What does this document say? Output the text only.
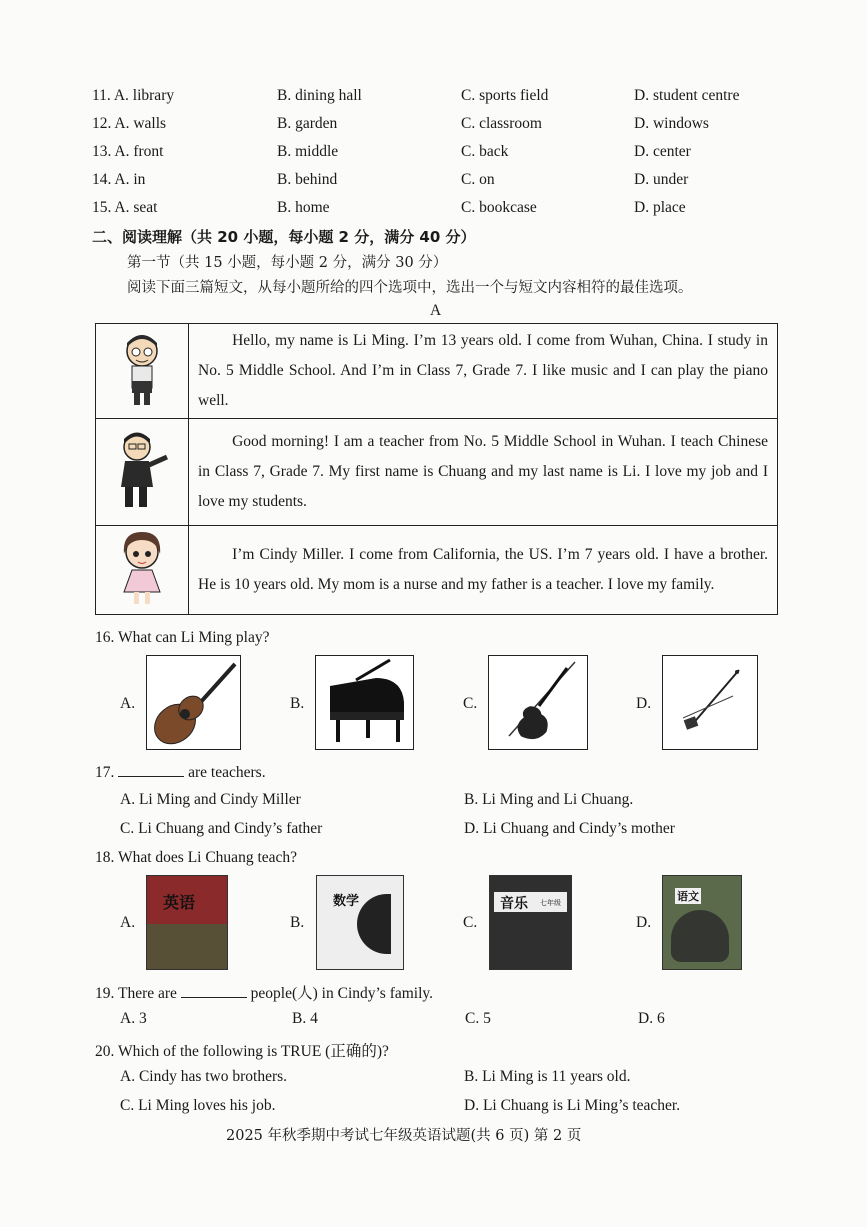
11. A. library	B. dining hall	C. sports field	D. student centre
12. A. walls	B. garden	C. classroom	D. windows
13. A. front	B. middle	C. back	D. center
14. A. in	B. behind	C. on	D. under
15. A. seat	B. home	C. bookcase	D. place
二、阅读理解（共 20 小题，每小题 2 分，满分 40 分）
第一节（共 15 小题，每小题 2 分，满分 30 分）
阅读下面三篇短文，从每小题所给的四个选项中，选出一个与短文内容相符的最佳选项。
A
	Hello, my name is Li Ming. I’m 13 years old. I come from Wuhan, China. I study in No. 5 Middle School. And I’m in Class 7, Grade 7. I like music and I can play the piano well.
	Good morning! I am a teacher from No. 5 Middle School in Wuhan. I teach Chinese in Class 7, Grade 7. My first name is Chuang and my last name is Li. I love my job and I love my students.
	I’m Cindy Miller. I come from California, the US. I’m 7 years old. I have a brother. He is 10 years old. My mom is a nurse and my father is a teacher. I love my family.
16. What can Li Ming play?
A.	B.	C.	D.
17.	are teachers.
A. Li Ming and Cindy Miller	B. Li Ming and Li Chuang.
C. Li Chuang and Cindy’s father	D. Li Chuang and Cindy’s mother
18. What does Li Chuang teach?
A.
英语
B.
数学
C.
音乐 七年级
D.
语文
19. There are	people(人) in Cindy’s family.
A. 3	B. 4	C. 5	D. 6
20. Which of the following is TRUE (正确的)?
A. Cindy has two brothers.	B. Li Ming is 11 years old.
C. Li Ming loves his job.	D. Li Chuang is Li Ming’s teacher.
2025 年秋季期中考试七年级英语试题(共 6 页) 第 2 页
